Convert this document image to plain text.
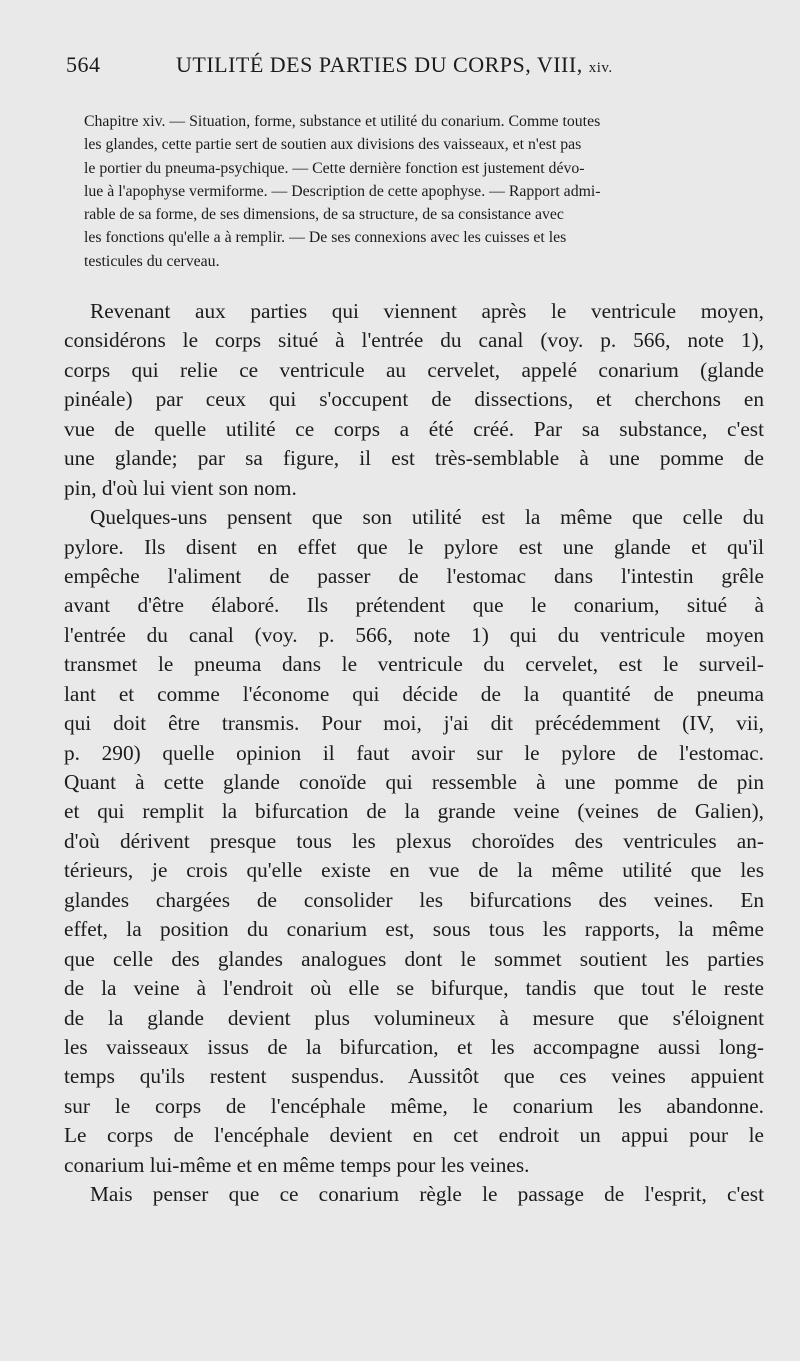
564	UTILITÉ DES PARTIES DU CORPS, VIII, xiv.
Chapitre xiv. — Situation, forme, substance et utilité du conarium. Comme toutes
les glandes, cette partie sert de soutien aux divisions des vaisseaux, et n'est pas
le portier du pneuma-psychique. — Cette dernière fonction est justement dévo-
lue à l'apophyse vermiforme. — Description de cette apophyse. — Rapport admi-
rable de sa forme, de ses dimensions, de sa structure, de sa consistance avec
les fonctions qu'elle a à remplir. — De ses connexions avec les cuisses et les
testicules du cerveau.
Revenant aux parties qui viennent après le ventricule moyen,
considérons le corps situé à l'entrée du canal (voy. p. 566, note 1),
corps qui relie ce ventricule au cervelet, appelé conarium (glande
pinéale) par ceux qui s'occupent de dissections, et cherchons en
vue de quelle utilité ce corps a été créé. Par sa substance, c'est
une glande; par sa figure, il est très-semblable à une pomme de
pin, d'où lui vient son nom.
Quelques-uns pensent que son utilité est la même que celle du
pylore. Ils disent en effet que le pylore est une glande et qu'il
empêche l'aliment de passer de l'estomac dans l'intestin grêle
avant d'être élaboré. Ils prétendent que le conarium, situé à
l'entrée du canal (voy. p. 566, note 1) qui du ventricule moyen
transmet le pneuma dans le ventricule du cervelet, est le surveil-
lant et comme l'économe qui décide de la quantité de pneuma
qui doit être transmis. Pour moi, j'ai dit précédemment (IV, vii,
p. 290) quelle opinion il faut avoir sur le pylore de l'estomac.
Quant à cette glande conoïde qui ressemble à une pomme de pin
et qui remplit la bifurcation de la grande veine (veines de Galien),
d'où dérivent presque tous les plexus choroïdes des ventricules an-
térieurs, je crois qu'elle existe en vue de la même utilité que les
glandes chargées de consolider les bifurcations des veines. En
effet, la position du conarium est, sous tous les rapports, la même
que celle des glandes analogues dont le sommet soutient les parties
de la veine à l'endroit où elle se bifurque, tandis que tout le reste
de la glande devient plus volumineux à mesure que s'éloignent
les vaisseaux issus de la bifurcation, et les accompagne aussi long-
temps qu'ils restent suspendus. Aussitôt que ces veines appuient
sur le corps de l'encéphale même, le conarium les abandonne.
Le corps de l'encéphale devient en cet endroit un appui pour le
conarium lui-même et en même temps pour les veines.
Mais penser que ce conarium règle le passage de l'esprit, c'est
